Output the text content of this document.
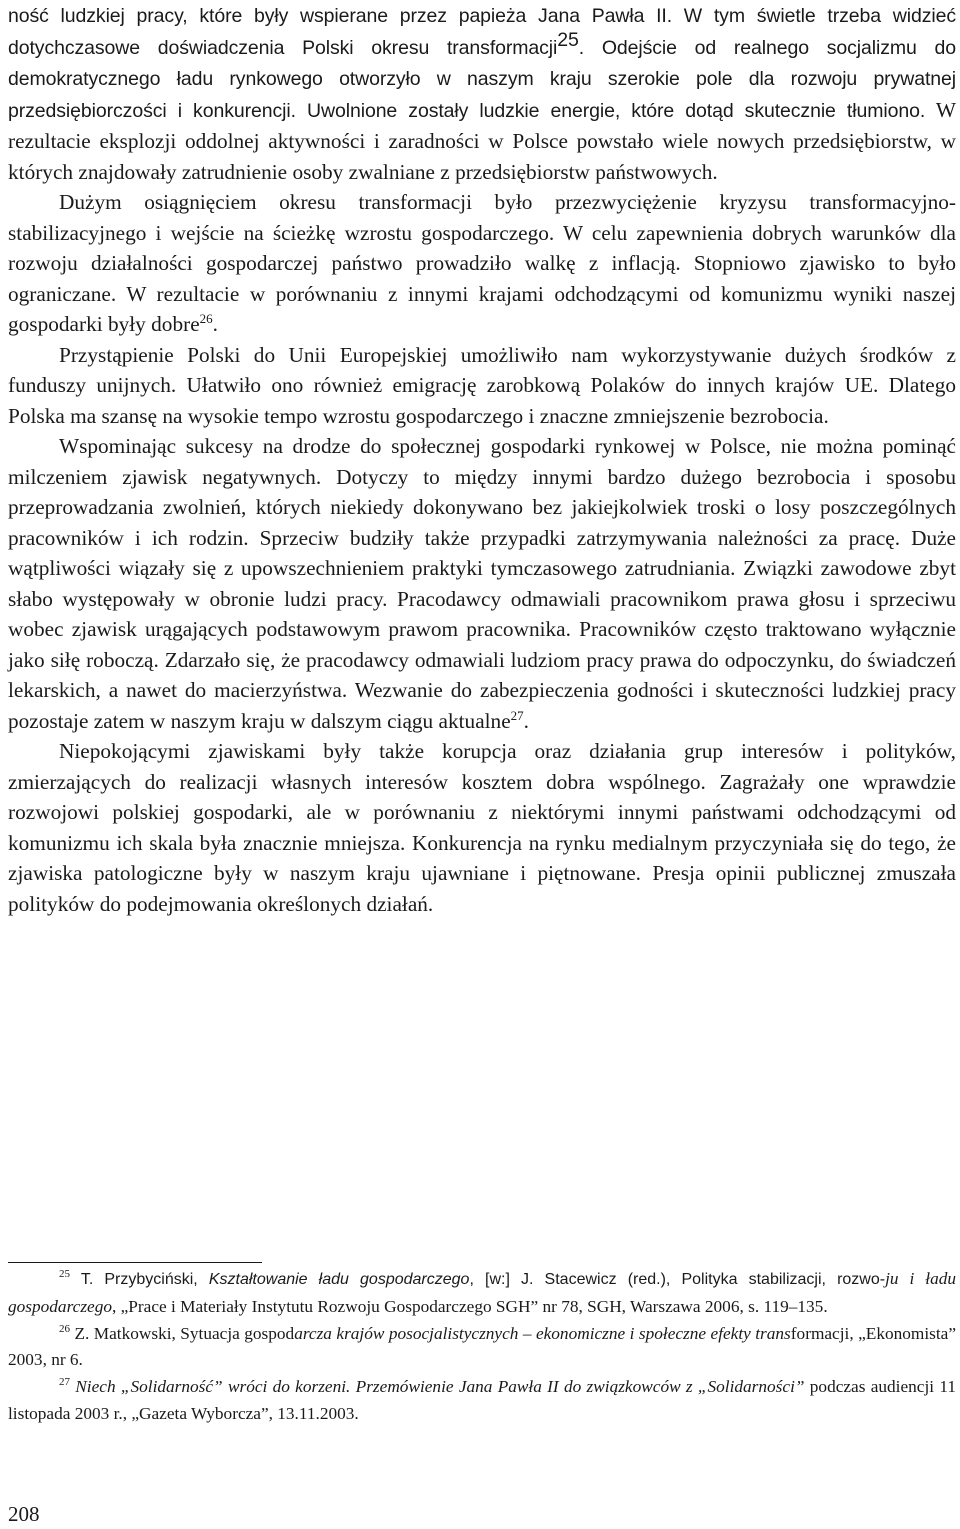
ność ludzkiej pracy, które były wspierane przez papieża Jana Pawła II. W tym świetle trzeba widzieć dotychczasowe doświadczenia Polski okresu transformacji$^{25}$. Odejście od realnego socjalizmu do demokratycznego ładu rynkowego otworzyło w naszym kraju szerokie pole dla rozwoju prywatnej przedsiębiorczości i konkurencji. Uwolnione zostały ludzkie energie, które dotąd skutecznie tłumiono. W rezultacie eksplozji oddolnej aktywności i zaradności w Polsce powstało wiele nowych przedsiębiorstw, w których znajdowały zatrudnienie osoby zwalniane z przedsiębiorstw państwowych.

Dużym osiągnięciem okresu transformacji było przezwyciężenie kryzysu transformacyjno-stabilizacyjnego i wejście na ścieżkę wzrostu gospodarczego. W celu zapewnienia dobrych warunków dla rozwoju działalności gospodarczej państwo prowadziło walkę z inflacją. Stopniowo zjawisko to było ograniczane. W rezultacie w porównaniu z innymi krajami odchodzącymi od komunizmu wyniki naszej gospodarki były dobre$^{26}$.

Przystąpienie Polski do Unii Europejskiej umożliwiło nam wykorzystywanie dużych środków z funduszy unijnych. Ułatwiło ono również emigrację zarobkową Polaków do innych krajów UE. Dlatego Polska ma szansę na wysokie tempo wzrostu gospodarczego i znaczne zmniejszenie bezrobocia.

Wspominając sukcesy na drodze do społecznej gospodarki rynkowej w Polsce, nie można pominąć milczeniem zjawisk negatywnych. Dotyczy to między innymi bardzo dużego bezrobocia i sposobu przeprowadzania zwolnień, których niekiedy dokonywano bez jakiejkolwiek troski o losy poszczególnych pracowników i ich rodzin. Sprzeciw budziły także przypadki zatrzymywania należności za pracę. Duże wątpliwości wiązały się z upowszechnieniem praktyki tymczasowego zatrudniania. Związki zawodowe zbyt słabo występowały w obronie ludzi pracy. Pracodawcy odmawiali pracownikom prawa głosu i sprzeciwu wobec zjawisk urągających podstawowym prawom pracownika. Pracowników często traktowano wyłącznie jako siłę roboczą. Zdarzało się, że pracodawcy odmawiali ludziom pracy prawa do odpoczynku, do świadczeń lekarskich, a nawet do macierzyństwa. Wezwanie do zabezpieczenia godności i skuteczności ludzkiej pracy pozostaje zatem w naszym kraju w dalszym ciągu aktualne$^{27}$.

Niepokojącymi zjawiskami były także korupcja oraz działania grup interesów i polityków, zmierzających do realizacji własnych interesów kosztem dobra wspólnego. Zagrażały one wprawdzie rozwojowi polskiej gospodarki, ale w porównaniu z niektórymi innymi państwami odchodzącymi od komunizmu ich skala była znacznie mniejsza. Konkurencja na rynku medialnym przyczyniała się do tego, że zjawiska patologiczne były w naszym kraju ujawniane i piętnowane. Presja opinii publicznej zmuszała polityków do podejmowania określonych działań.

$^{25}$ T. Przybyciński, Kształtowanie ładu gospodarczego, [w:] J. Stacewicz (red.), Polityka stabilizacji, rozwo-ju i ładu gospodarczego, „Prace i Materiały Instytutu Rozwoju Gospodarczego SGH” nr 78, SGH, Warszawa 2006, s. 119–135.

$^{26}$ Z. Matkowski, Sytuacja gospodarcza krajów posocjalistycznych – ekonomiczne i społeczne efekty transformacji, „Ekonomista” 2003, nr 6.

$^{27}$ Niech „Solidarność” wróci do korzeni. Przemówienie Jana Pawła II do związkowców z „Solidarności” podczas audiencji 11 listopada 2003 r., „Gazeta Wyborcza”, 13.11.2003.

208
